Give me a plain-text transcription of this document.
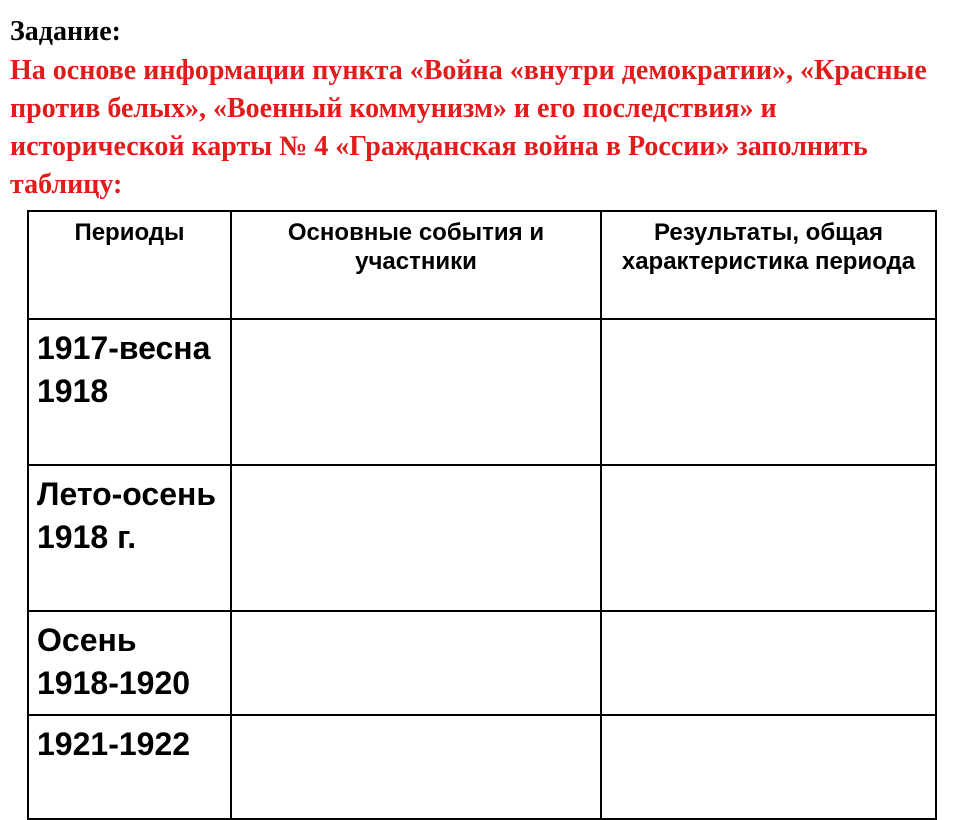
Задание:
На основе информации пункта «Война «внутри демократии», «Красные против белых», «Военный коммунизм» и его последствия» и исторической карты № 4 «Гражданская война в России» заполнить таблицу:
Периоды	Основные события и участники	Результаты, общая характеристика периода
1917-весна 1918		
Лето-осень 1918 г.		
Осень 1918-1920		
1921-1922		
